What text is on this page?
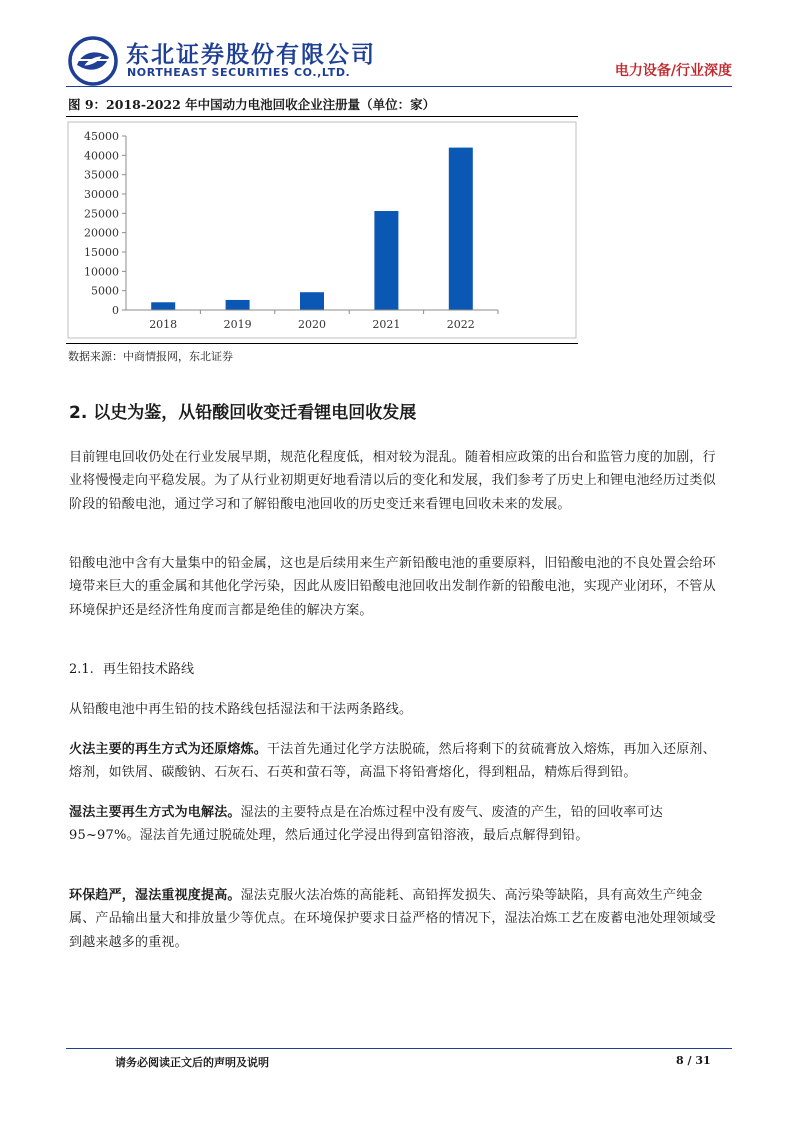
东北证券股份有限公司
NORTHEAST SECURITIES CO.,LTD.	电力设备/行业深度
图 9：2018-2022 年中国动力电池回收企业注册量（单位：家）
0
5000
10000
15000
20000
25000
30000
35000
40000
45000
2018	2019	2020	2021	2022
数据来源：中商情报网，东北证券
2. 以史为鉴，从铅酸回收变迁看锂电回收发展

目前锂电回收仍处在行业发展早期，规范化程度低，相对较为混乱。随着相应政策的出台和监管力度的加剧，行业将慢慢走向平稳发展。为了从行业初期更好地看清以后的变化和发展，我们参考了历史上和锂电池经历过类似阶段的铅酸电池，通过学习和了解铅酸电池回收的历史变迁来看锂电回收未来的发展。

铅酸电池中含有大量集中的铅金属，这也是后续用来生产新铅酸电池的重要原料，旧铅酸电池的不良处置会给环境带来巨大的重金属和其他化学污染，因此从废旧铅酸电池回收出发制作新的铅酸电池，实现产业闭环，不管从环境保护还是经济性角度而言都是绝佳的解决方案。

2.1. 再生铅技术路线

从铅酸电池中再生铅的技术路线包括湿法和干法两条路线。

火法主要的再生方式为还原熔炼。干法首先通过化学方法脱硫，然后将剩下的贫硫膏放入熔炼，再加入还原剂、熔剂，如铁屑、碳酸钠、石灰石、石英和萤石等，高温下将铅膏熔化，得到粗品，精炼后得到铅。

湿法主要再生方式为电解法。湿法的主要特点是在冶炼过程中没有废气、废渣的产生，铅的回收率可达 95~97%。湿法首先通过脱硫处理，然后通过化学浸出得到富铅溶液，最后点解得到铅。

环保趋严，湿法重视度提高。湿法克服火法冶炼的高能耗、高铅挥发损失、高污染等缺陷，具有高效生产纯金属、产品输出量大和排放量少等优点。在环境保护要求日益严格的情况下，湿法冶炼工艺在废蓄电池处理领域受到越来越多的重视。

请务必阅读正文后的声明及说明	8 / 31
